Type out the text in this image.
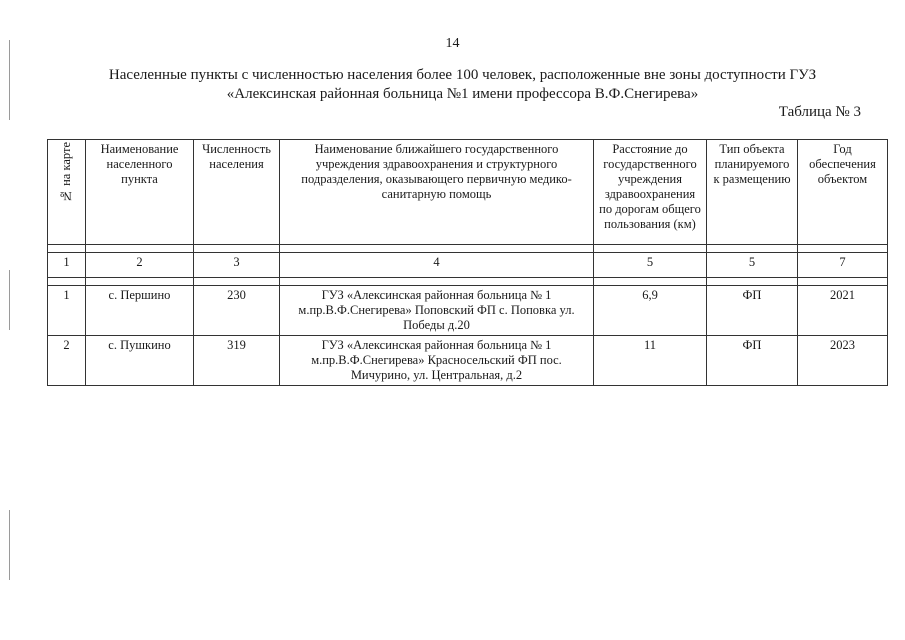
14
Населенные пункты с численностью населения более 100 человек, расположенные вне зоны доступности ГУЗ
«Алексинская районная больница №1 имени профессора В.Ф.Снегирева»
Таблица № 3
№ на карте	Наименование населенного пункта	Численность населения	Наименование ближайшего государственного учреждения здравоохранения и структурного подразделения, оказывающего первичную медико-санитарную помощь	Расстояние до государственного учреждения здравоохранения по дорогам общего пользования (км)	Тип объекта планируемого к размещению	Год обеспечения объектом

1	2	3	4	5	5	7

1	с. Першино	230	ГУЗ «Алексинская районная больница № 1 м.пр.В.Ф.Снегирева» Поповский ФП с. Поповка ул. Победы д.20	6,9	ФП	2021
2	с. Пушкино	319	ГУЗ «Алексинская районная больница № 1 м.пр.В.Ф.Снегирева» Красносельский ФП пос. Мичурино, ул. Центральная, д.2	11	ФП	2023
